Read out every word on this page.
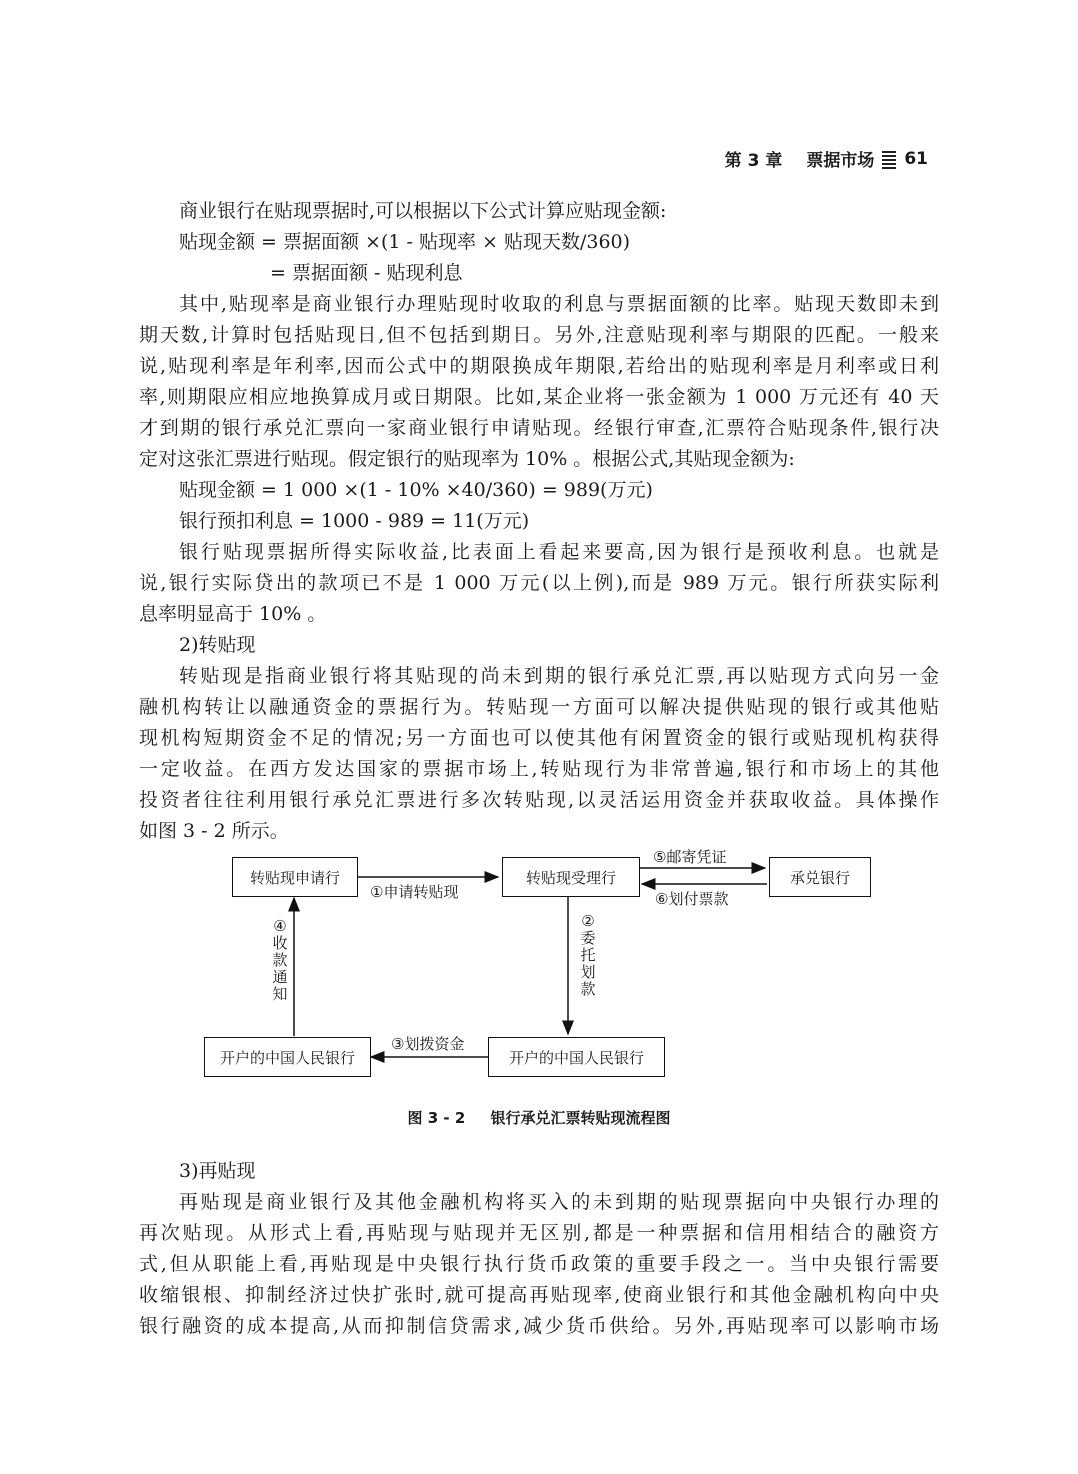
第 3 章 票据市场 61
商业银行在贴现票据时,可以根据以下公式计算应贴现金额:
贴现金额 = 票据面额 ×(1 - 贴现率 × 贴现天数/360)
= 票据面额 - 贴现利息
其中,贴现率是商业银行办理贴现时收取的利息与票据面额的比率。贴现天数即未到
期天数,计算时包括贴现日,但不包括到期日。另外,注意贴现利率与期限的匹配。一般来
说,贴现利率是年利率,因而公式中的期限换成年期限,若给出的贴现利率是月利率或日利
率,则期限应相应地换算成月或日期限。比如,某企业将一张金额为 1 000 万元还有 40 天
才到期的银行承兑汇票向一家商业银行申请贴现。经银行审查,汇票符合贴现条件,银行决
定对这张汇票进行贴现。假定银行的贴现率为 10% 。根据公式,其贴现金额为:
贴现金额 = 1 000 ×(1 - 10% ×40/360) = 989(万元)
银行预扣利息 = 1000 - 989 = 11(万元)
银行贴现票据所得实际收益,比表面上看起来要高,因为银行是预收利息。也就是
说,银行实际贷出的款项已不是 1 000 万元(以上例),而是 989 万元。银行所获实际利
息率明显高于 10% 。
2)转贴现
转贴现是指商业银行将其贴现的尚未到期的银行承兑汇票,再以贴现方式向另一金
融机构转让以融通资金的票据行为。转贴现一方面可以解决提供贴现的银行或其他贴
现机构短期资金不足的情况;另一方面也可以使其他有闲置资金的银行或贴现机构获得
一定收益。在西方发达国家的票据市场上,转贴现行为非常普遍,银行和市场上的其他
投资者往往利用银行承兑汇票进行多次转贴现,以灵活运用资金并获取收益。具体操作
如图 3 - 2 所示。
转贴现申请行	转贴现受理行	承兑银行
开户的中国人民银行	开户的中国人民银行
①申请转贴现
⑤邮寄凭证
⑥划付票款
③划拨资金
②委托划款
④收款通知
图 3 - 2 银行承兑汇票转贴现流程图
3)再贴现
再贴现是商业银行及其他金融机构将买入的未到期的贴现票据向中央银行办理的
再次贴现。从形式上看,再贴现与贴现并无区别,都是一种票据和信用相结合的融资方
式,但从职能上看,再贴现是中央银行执行货币政策的重要手段之一。当中央银行需要
收缩银根、抑制经济过快扩张时,就可提高再贴现率,使商业银行和其他金融机构向中央
银行融资的成本提高,从而抑制信贷需求,减少货币供给。另外,再贴现率可以影响市场
